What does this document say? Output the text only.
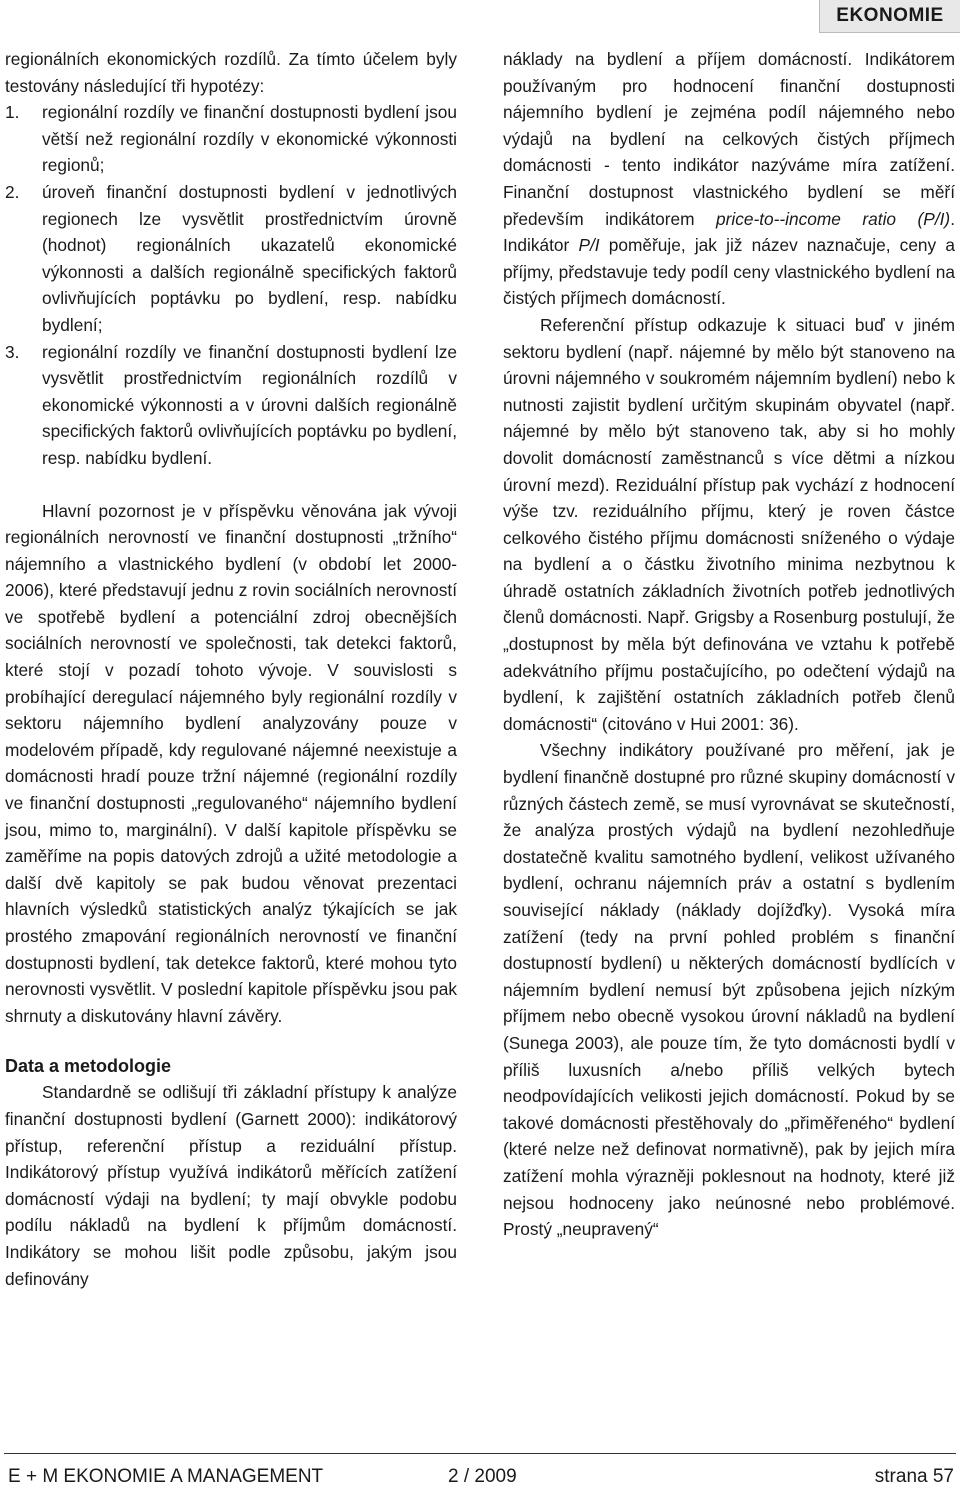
EKONOMIE

regionálních ekonomických rozdílů. Za tímto účelem byly testovány následující tři hypotézy:

1.	regionální rozdíly ve finanční dostupnosti bydlení jsou větší než regionální rozdíly v ekonomické výkonnosti regionů;
2.	úroveň finanční dostupnosti bydlení v jednotlivých regionech lze vysvětlit prostřednictvím úrovně (hodnot) regionálních ukazatelů ekonomické výkonnosti a dalších regionálně specifických faktorů ovlivňujících poptávku po bydlení, resp. nabídku bydlení;
3.	regionální rozdíly ve finanční dostupnosti bydlení lze vysvětlit prostřednictvím regionálních rozdílů v ekonomické výkonnosti a v úrovni dalších regionálně specifických faktorů ovlivňujících poptávku po bydlení, resp. nabídku bydlení.

Hlavní pozornost je v příspěvku věnována jak vývoji regionálních nerovností ve finanční dostupnosti „tržního“ nájemního a vlastnického bydlení (v období let 2000-2006), které představují jednu z rovin sociálních nerovností ve spotřebě bydlení a potenciální zdroj obecnějších sociálních nerovností ve společnosti, tak detekci faktorů, které stojí v pozadí tohoto vývoje. V souvislosti s probíhající deregulací nájemného byly regionální rozdíly v sektoru nájemního bydlení analyzovány pouze v modelovém případě, kdy regulované nájemné neexistuje a domácnosti hradí pouze tržní nájemné (regionální rozdíly ve finanční dostupnosti „regulovaného“ nájemního bydlení jsou, mimo to, marginální). V další kapitole příspěvku se zaměříme na popis datových zdrojů a užité metodologie a další dvě kapitoly se pak budou věnovat prezentaci hlavních výsledků statistických analýz týkajících se jak prostého zmapování regionálních nerovností ve finanční dostupnosti bydlení, tak detekce faktorů, které mohou tyto nerovnosti vysvětlit. V poslední kapitole příspěvku jsou pak shrnuty a diskutovány hlavní závěry.

Data a metodologie

Standardně se odlišují tři základní přístupy k analýze finanční dostupnosti bydlení (Garnett 2000): indikátorový přístup, referenční přístup a reziduální přístup. Indikátorový přístup využívá indikátorů měřících zatížení domácností výdaji na bydlení; ty mají obvykle podobu podílu nákladů na bydlení k příjmům domácností. Indikátory se mohou lišit podle způsobu, jakým jsou definovány

náklady na bydlení a příjem domácností. Indikátorem používaným pro hodnocení finanční dostupnosti nájemního bydlení je zejména podíl nájemného nebo výdajů na bydlení na celkových čistých příjmech domácnosti - tento indikátor nazýváme míra zatížení. Finanční dostupnost vlastnického bydlení se měří především indikátorem price-to--income ratio (P/I). Indikátor P/I poměřuje, jak již název naznačuje, ceny a příjmy, představuje tedy podíl ceny vlastnického bydlení na čistých příjmech domácností.

Referenční přístup odkazuje k situaci buď v jiném sektoru bydlení (např. nájemné by mělo být stanoveno na úrovni nájemného v soukromém nájemním bydlení) nebo k nutnosti zajistit bydlení určitým skupinám obyvatel (např. nájemné by mělo být stanoveno tak, aby si ho mohly dovolit domácností zaměstnanců s více dětmi a nízkou úrovní mezd). Reziduální přístup pak vychází z hodnocení výše tzv. reziduálního příjmu, který je roven částce celkového čistého příjmu domácnosti sníženého o výdaje na bydlení a o částku životního minima nezbytnou k úhradě ostatních základních životních potřeb jednotlivých členů domácnosti. Např. Grigsby a Rosenburg postulují, že „dostupnost by měla být definována ve vztahu k potřebě adekvátního příjmu postačujícího, po odečtení výdajů na bydlení, k zajištění ostatních základních potřeb členů domácnosti“ (citováno v Hui 2001: 36).

Všechny indikátory používané pro měření, jak je bydlení finančně dostupné pro různé skupiny domácností v různých částech země, se musí vyrovnávat se skutečností, že analýza prostých výdajů na bydlení nezohledňuje dostatečně kvalitu samotného bydlení, velikost užívaného bydlení, ochranu nájemních práv a ostatní s bydlením související náklady (náklady dojížďky). Vysoká míra zatížení (tedy na první pohled problém s finanční dostupností bydlení) u některých domácností bydlících v nájemním bydlení nemusí být způsobena jejich nízkým příjmem nebo obecně vysokou úrovní nákladů na bydlení (Sunega 2003), ale pouze tím, že tyto domácnosti bydlí v příliš luxusních a/nebo příliš velkých bytech neodpovídajících velikosti jejich domácností. Pokud by se takové domácnosti přestěhovaly do „přiměřeného“ bydlení (které nelze než definovat normativně), pak by jejich míra zatížení mohla výrazněji poklesnout na hodnoty, které již nejsou hodnoceny jako neúnosné nebo problémové. Prostý „neupravený“

E + M EKONOMIE A MANAGEMENT	2 / 2009	strana 57
